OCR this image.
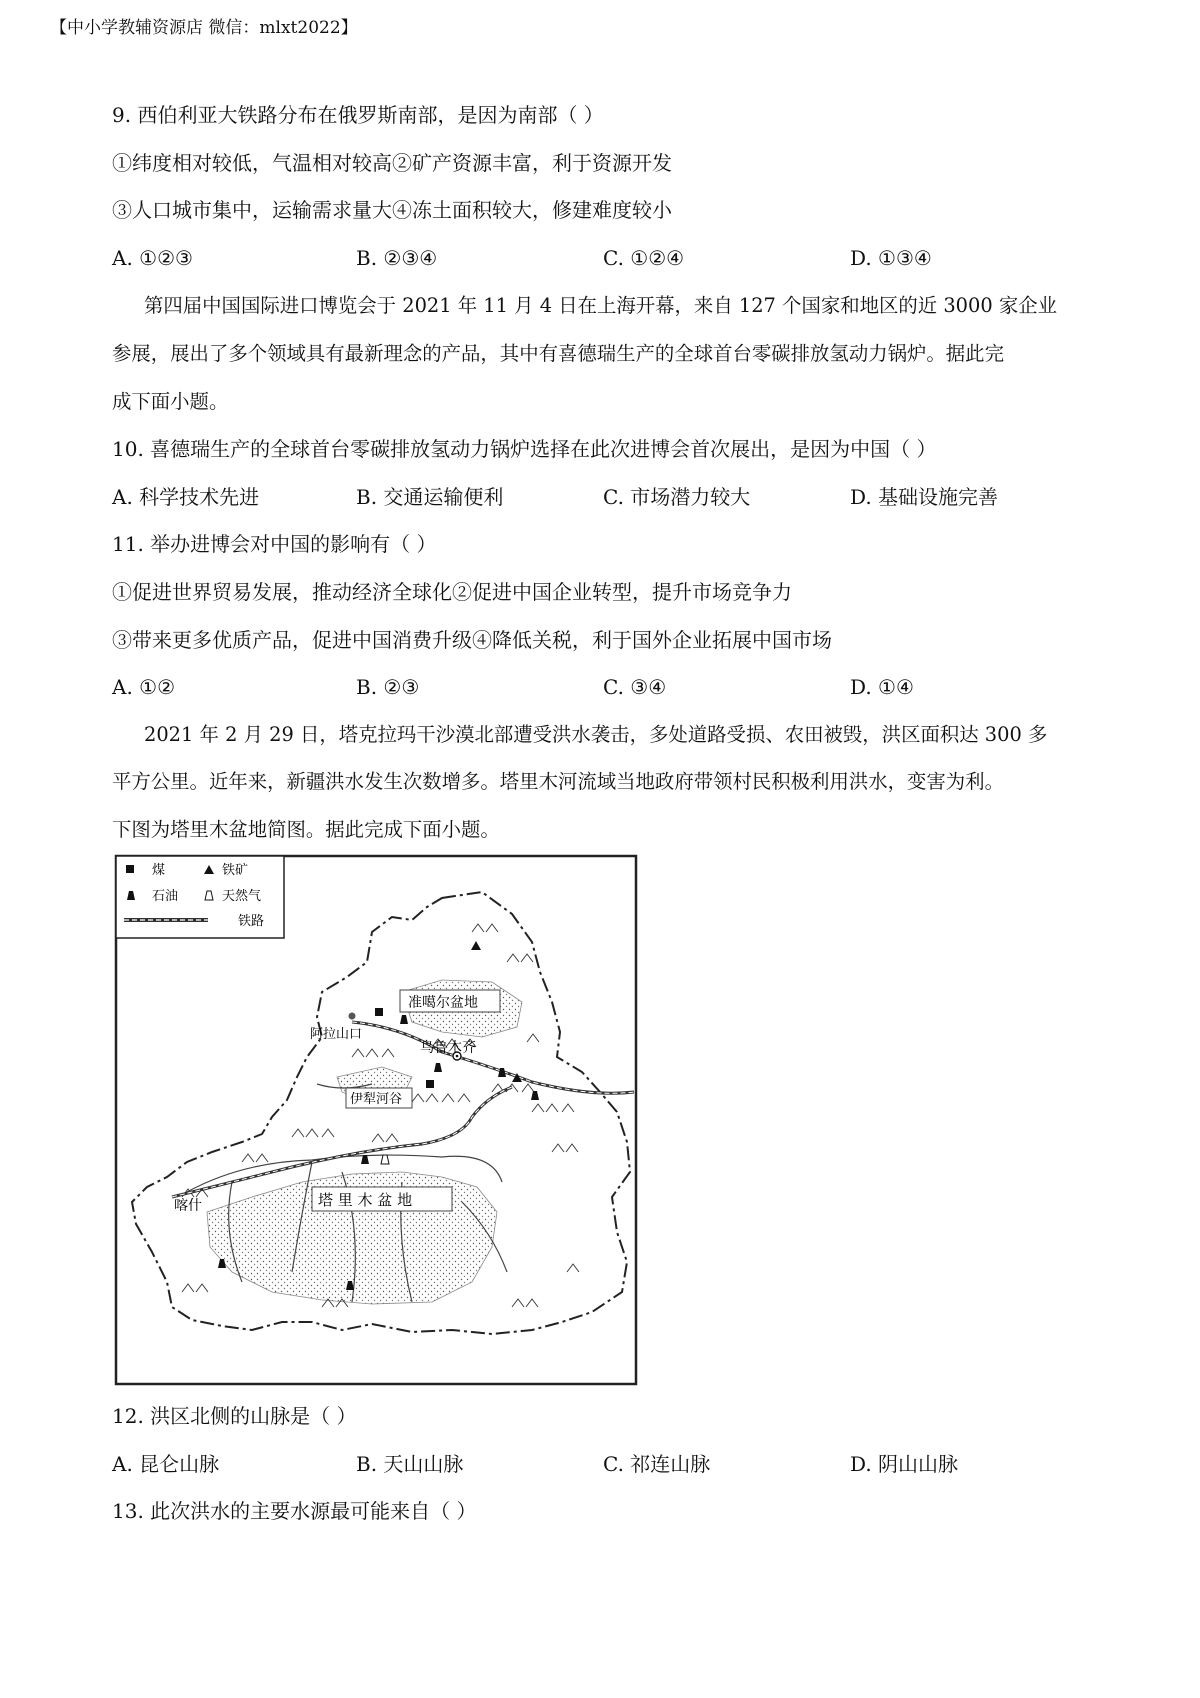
【中小学教辅资源店 微信：mlxt2022】
9. 西伯利亚大铁路分布在俄罗斯南部，是因为南部（ ）
①纬度相对较低，气温相对较高②矿产资源丰富，利于资源开发
③人口城市集中，运输需求量大④冻土面积较大，修建难度较小
A. ①②③	B. ②③④	C. ①②④	D. ①③④
第四届中国国际进口博览会于 2021 年 11 月 4 日在上海开幕，来自 127 个国家和地区的近 3000 家企业
参展，展出了多个领域具有最新理念的产品，其中有喜德瑞生产的全球首台零碳排放氢动力锅炉。据此完
成下面小题。
10. 喜德瑞生产的全球首台零碳排放氢动力锅炉选择在此次进博会首次展出，是因为中国（ ）
A. 科学技术先进	B. 交通运输便利	C. 市场潜力较大	D. 基础设施完善
11. 举办进博会对中国的影响有（ ）
①促进世界贸易发展，推动经济全球化②促进中国企业转型，提升市场竞争力
③带来更多优质产品，促进中国消费升级④降低关税，利于国外企业拓展中国市场
A. ①②	B. ②③	C. ③④	D. ①④
2021 年 2 月 29 日，塔克拉玛干沙漠北部遭受洪水袭击，多处道路受损、农田被毁，洪区面积达 300 多
平方公里。近年来，新疆洪水发生次数增多。塔里木河流域当地政府带领村民积极利用洪水，变害为利。
下图为塔里木盆地简图。据此完成下面小题。
煤	铁矿
石油	天然气
铁路
准噶尔盆地
乌鲁木齐
阿拉山口
伊犁河谷
喀什	塔 里 木 盆 地
12. 洪区北侧的山脉是（ ）
A. 昆仑山脉	B. 天山山脉	C. 祁连山脉	D. 阴山山脉
13. 此次洪水的主要水源最可能来自（ ）
